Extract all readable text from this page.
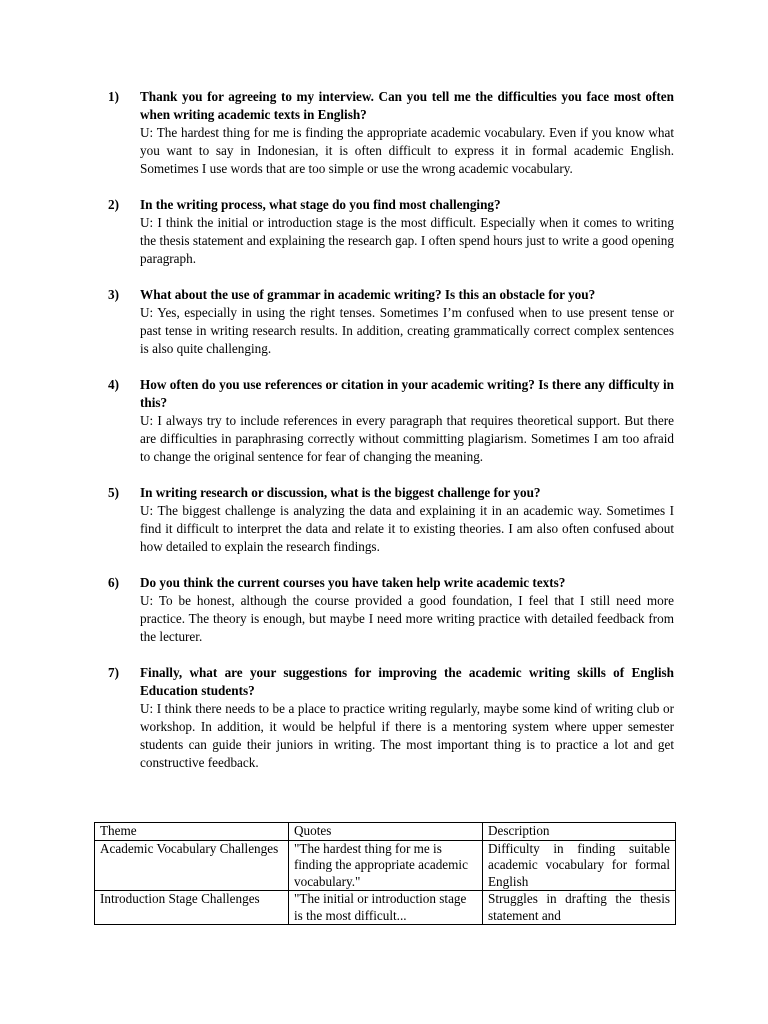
1)	Thank you for agreeing to my interview. Can you tell me the difficulties you face most often when writing academic texts in English?
U: The hardest thing for me is finding the appropriate academic vocabulary. Even if you know what you want to say in Indonesian, it is often difficult to express it in formal academic English. Sometimes I use words that are too simple or use the wrong academic vocabulary.
2)	In the writing process, what stage do you find most challenging?
U: I think the initial or introduction stage is the most difficult. Especially when it comes to writing the thesis statement and explaining the research gap. I often spend hours just to write a good opening paragraph.
3)	What about the use of grammar in academic writing? Is this an obstacle for you?
U: Yes, especially in using the right tenses. Sometimes I’m confused when to use present tense or past tense in writing research results. In addition, creating grammatically correct complex sentences is also quite challenging.
4)	How often do you use references or citation in your academic writing? Is there any difficulty in this?
U: I always try to include references in every paragraph that requires theoretical support. But there are difficulties in paraphrasing correctly without committing plagiarism. Sometimes I am too afraid to change the original sentence for fear of changing the meaning.
5)	In writing research or discussion, what is the biggest challenge for you?
U: The biggest challenge is analyzing the data and explaining it in an academic way. Sometimes I find it difficult to interpret the data and relate it to existing theories. I am also often confused about how detailed to explain the research findings.
6)	Do you think the current courses you have taken help write academic texts?
U: To be honest, although the course provided a good foundation, I feel that I still need more practice. The theory is enough, but maybe I need more writing practice with detailed feedback from the lecturer.
7)	Finally, what are your suggestions for improving the academic writing skills of English Education students?
U: I think there needs to be a place to practice writing regularly, maybe some kind of writing club or workshop. In addition, it would be helpful if there is a mentoring system where upper semester students can guide their juniors in writing. The most important thing is to practice a lot and get constructive feedback.
Theme	Quotes	Description
Academic Vocabulary Challenges	"The hardest thing for me is finding the appropriate academic vocabulary."	Difficulty in finding suitable academic vocabulary for formal English
Introduction Stage Challenges	"The initial or introduction stage is the most difficult...	Struggles in drafting the thesis statement and
